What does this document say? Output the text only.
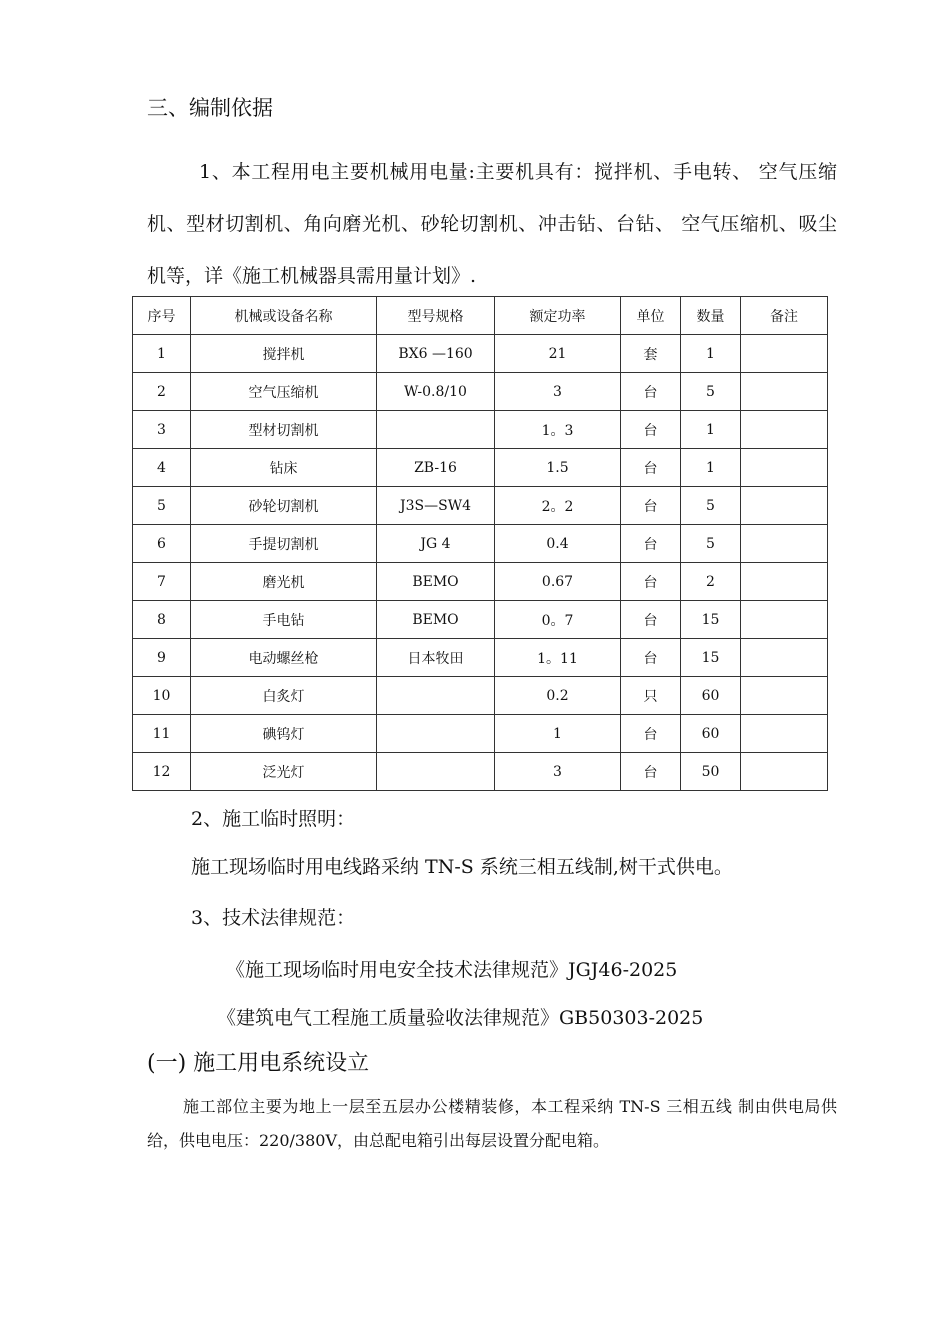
三、编制依据
1、本工程用电主要机械用电量:主要机具有：搅拌机、手电转、 空气压缩机、型材切割机、角向磨光机、砂轮切割机、冲击钻、台钻、 空气压缩机、吸尘机等，详《施工机械器具需用量计划》.
序号	机械或设备名称	型号规格	额定功率	单位	数量	备注
1	搅拌机	BX6 —160	21	套	1	
2	空气压缩机	W-0.8/10	3	台	5	
3	型材切割机		1。3	台	1	
4	钻床	ZB-16	1.5	台	1	
5	砂轮切割机	J3S—SW4	2。2	台	5	
6	手提切割机	JG 4	0.4	台	5	
7	磨光机	BEMO	0.67	台	2	
8	手电钻	BEMO	0。7	台	15	
9	电动螺丝枪	日本牧田	1。11	台	15	
10	白炙灯		0.2	只	60	
11	碘钨灯		1	台	60	
12	泛光灯		3	台	50	
2、施工临时照明：
施工现场临时用电线路采纳 TN-S 系统三相五线制,树干式供电。
3、技术法律规范：
《施工现场临时用电安全技术法律规范》JGJ46-2025
《建筑电气工程施工质量验收法律规范》GB50303-2025
(一) 施工用电系统设立
施工部位主要为地上一层至五层办公楼精装修，本工程采纳 TN-S 三相五线 制由供电局供给，供电电压：220/380V，由总配电箱引出每层设置分配电箱。
